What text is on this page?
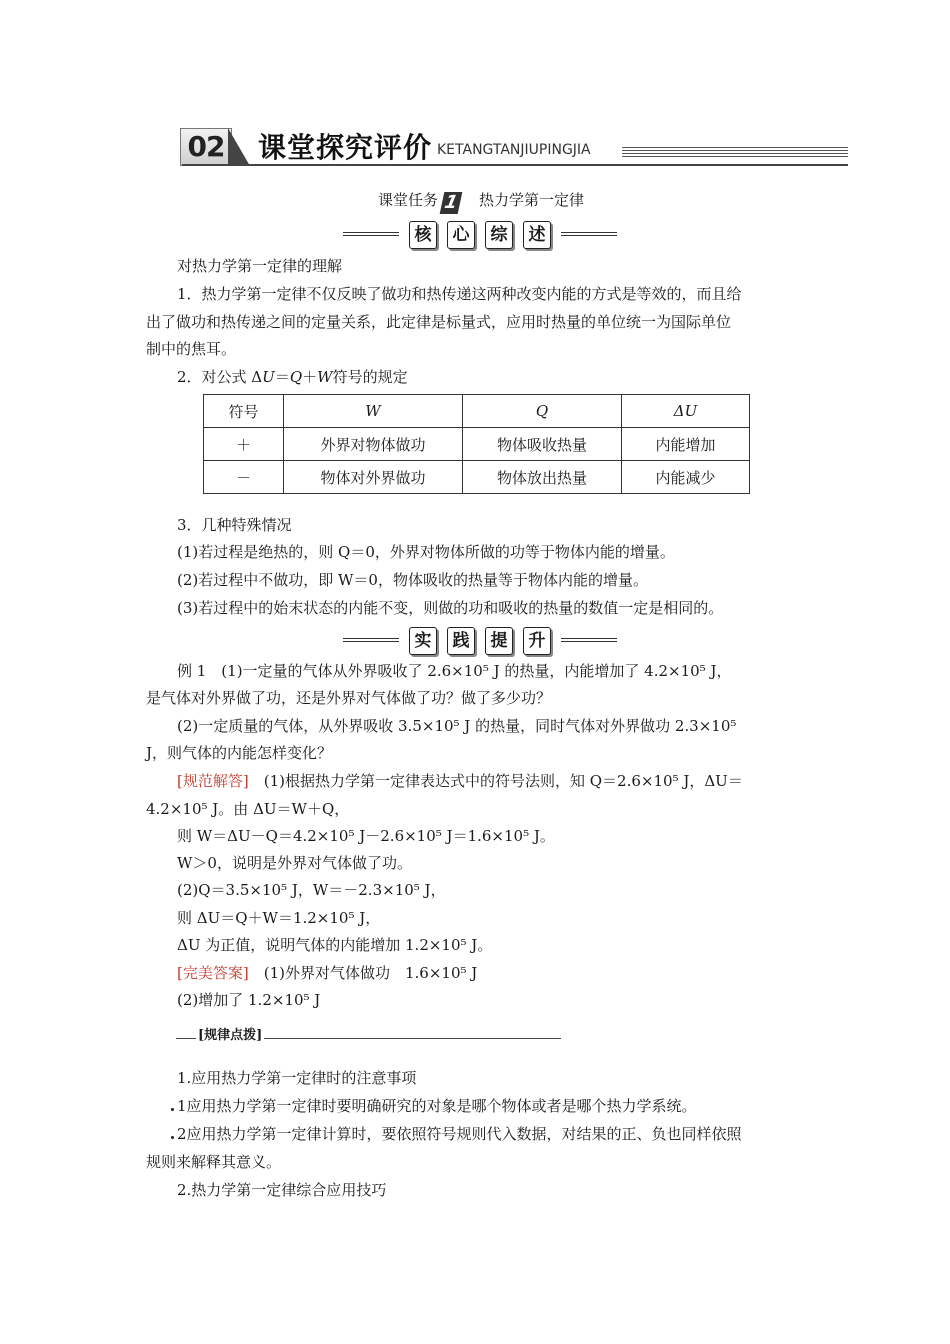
02 课堂探究评价 KETANGTANJIUPINGJIA
课堂任务 1　 热力学第一定律
核	心	综	述
对热力学第一定律的理解
1．热力学第一定律不仅反映了做功和热传递这两种改变内能的方式是等效的，而且给
出了做功和热传递之间的定量关系，此定律是标量式，应用时热量的单位统一为国际单位
制中的焦耳。
2．对公式 ΔU＝Q＋W符号的规定
符号	W	Q	ΔU
＋	外界对物体做功	物体吸收热量	内能增加
－	物体对外界做功	物体放出热量	内能减少
3．几种特殊情况
(1)若过程是绝热的，则 Q＝0，外界对物体所做的功等于物体内能的增量。
(2)若过程中不做功，即 W＝0，物体吸收的热量等于物体内能的增量。
(3)若过程中的始末状态的内能不变，则做的功和吸收的热量的数值一定是相同的。
实	践	提	升
例 1　(1)一定量的气体从外界吸收了 2.6×10⁵ J 的热量，内能增加了 4.2×10⁵ J，
是气体对外界做了功，还是外界对气体做了功？做了多少功？
(2)一定质量的气体，从外界吸收 3.5×10⁵ J 的热量，同时气体对外界做功 2.3×10⁵
J，则气体的内能怎样变化？
[规范解答]　 (1)根据热力学第一定律表达式中的符号法则，知 Q＝2.6×10⁵ J，ΔU＝
4.2×10⁵ J。由 ΔU＝W＋Q，
则 W＝ΔU－Q＝4.2×10⁵ J－2.6×10⁵ J＝1.6×10⁵ J。
W＞0，说明是外界对气体做了功。
(2)Q＝3.5×10⁵ J，W＝－2.3×10⁵ J，
则 ΔU＝Q＋W＝1.2×10⁵ J，
ΔU 为正值，说明气体的内能增加 1.2×10⁵ J。
[完美答案]　 (1)外界对气体做功　1.6×10⁵ J
(2)增加了 1.2×10⁵ J
[规律点拨]
1.应用热力学第一定律时的注意事项
1应用热力学第一定律时要明确研究的对象是哪个物体或者是哪个热力学系统。
2应用热力学第一定律计算时，要依照符号规则代入数据，对结果的正、负也同样依照
规则来解释其意义。
2.热力学第一定律综合应用技巧
